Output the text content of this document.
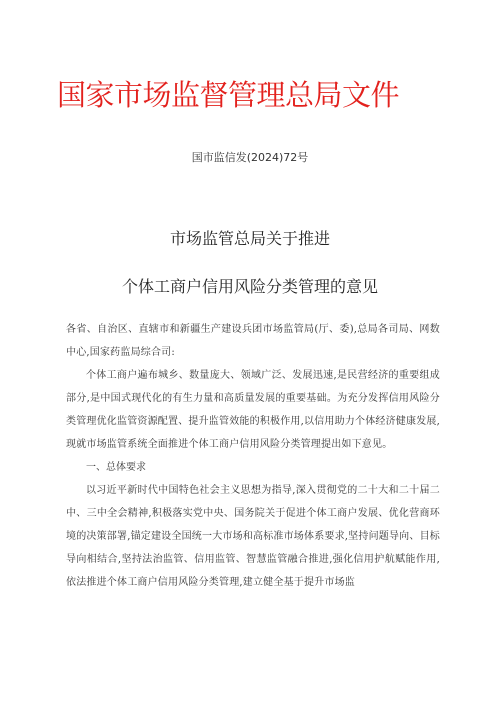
国家市场监督管理总局文件
国市监信发(2024)72号
市场监管总局关于推进
个体工商户信用风险分类管理的意见

各省、自治区、直辖市和新疆生产建设兵团市场监管局(厅、委),总局各司局、网数中心,国家药监局综合司:

个体工商户遍布城乡、数量庞大、领域广泛、发展迅速,是民营经济的重要组成部分,是中国式现代化的有生力量和高质量发展的重要基础。为充分发挥信用风险分类管理优化监管资源配置、提升监管效能的积极作用,以信用助力个体经济健康发展,现就市场监管系统全面推进个体工商户信用风险分类管理提出如下意见。

一、总体要求

以习近平新时代中国特色社会主义思想为指导,深入贯彻党的二十大和二十届二中、三中全会精神,积极落实党中央、国务院关于促进个体工商户发展、优化营商环境的决策部署,锚定建设全国统一大市场和高标准市场体系要求,坚持问题导向、目标导向相结合,坚持法治监管、信用监管、智慧监管融合推进,强化信用护航赋能作用,依法推进个体工商户信用风险分类管理,建立健全基于提升市场监
